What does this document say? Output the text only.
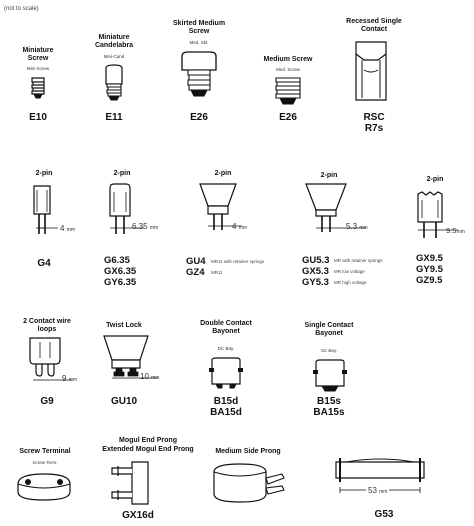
(not to scale)
Miniature Screw
Mini-Screw
E10
Miniature Candelabra
Mini-Cand
E11
Skirted Medium Screw
Med. Skt.
E26
Medium Screw
Med. Screw
E26
Recessed Single Contact
RSC
R7s
2-pin
4 mm
G4
2-pin
6.35 mm
G6.35
GX6.35
GY6.35
2-pin
4 mm
GU4 MR11 with retainer springs
GZ4 MR11
2-pin
5.3 mm
GU5.3 MR with retainer springs
GX5.3 MR low voltage
GY5.3 MR high voltage
2-pin
9.5mm
GX9.5
GY9.5
GZ9.5
2 Contact wire loops
9 mm
G9
Twist Lock
10 mm
GU10
Double Contact Bayonet
DC Bay.
B15d
BA15d
Single Contact Bayonet
SC Bay.
B15s
BA15s
Screw Terminal
Screw Term.
Mogul End Prong
Extended Mogul End Prong
GX16d
Medium Side Prong
53 mm
G53
